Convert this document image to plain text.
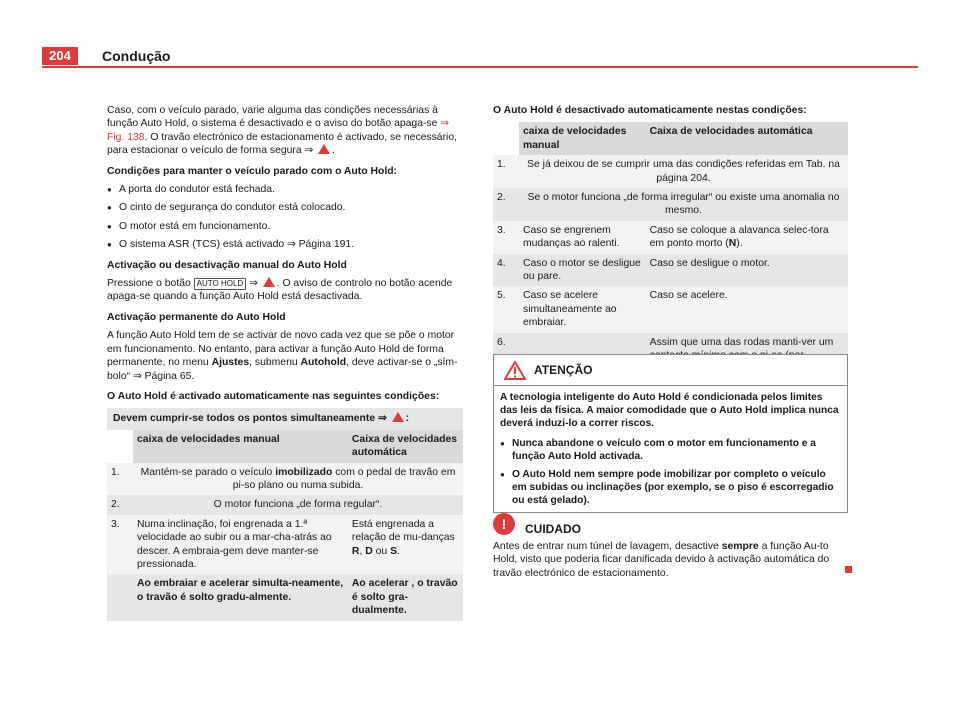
204	Condução

Caso, com o veículo parado, varie alguma das condições necessárias à função Auto Hold, o sistema é desactivado e o aviso do botão apaga-se ⇒ Fig. 138. O travão electrónico de estacionamento é activado, se necessário, para estacionar o veículo de forma segura ⇒ .

Condições para manter o veículo parado com o Auto Hold:

● A porta do condutor está fechada.
● O cinto de segurança do condutor está colocado.
● O motor está em funcionamento.
● O sistema ASR (TCS) está activado ⇒ Página 191.

Activação ou desactivação manual do Auto Hold

Pressione o botão AUTO HOLD ⇒ . O aviso de controlo no botão acende apaga-se quando a função Auto Hold está desactivada.

Activação permanente do Auto Hold

A função Auto Hold tem de se activar de novo cada vez que se põe o motor em funcionamento. No entanto, para activar a função Auto Hold de forma permanente, no menu Ajustes, submenu Autohold, deve activar-se o „sím-bolo“ ⇒ Página 65.

O Auto Hold é activado automaticamente nas seguintes condições:

Devem cumprir-se todos os pontos simultaneamente ⇒ :		
	caixa de velocidades manual	Caixa de velocidades automática
1.	Mantém-se parado o veículo imobilizado com o pedal de travão em pi-so plano ou numa subida.	
2.	O motor funciona „de forma regular“.	
3.	Numa inclinação, foi engrenada a 1.ª velocidade ao subir ou a mar-cha-atrás ao descer. A embraia-gem deve manter-se pressionada.	Está engrenada a relação de mu-danças R, D ou S.
	Ao embraiar e acelerar simulta-neamente, o travão é solto gradu-almente.	Ao acelerar , o travão é solto gra-dualmente.

O Auto Hold é desactivado automaticamente nestas condições:

	caixa de velocidades manual	Caixa de velocidades automática
1.	Se já deixou de se cumprir uma das condições referidas em Tab. na página 204.	
2.	Se o motor funciona „de forma irregular“ ou existe uma anomalia no mesmo.	
3.	Caso se engrenem mudanças ao ralenti.	Caso se coloque a alavanca selec-tora em ponto morto (N).
4.	Caso o motor se desligue ou pare.	Caso se desligue o motor.
5.	Caso se acelere simultaneamente ao embraiar.	Caso se acelere.
6.		Assim que uma das rodas manti-ver um
ATENÇÃO

A tecnologia inteligente do Auto Hold é condicionada pelos limites das leis da física. A maior comodidade que o Auto Hold implica nunca deverá induzi-lo a correr riscos.

● Nunca abandone o veículo com o motor em funcionamento e a função Auto Hold activada.
● O Auto Hold nem sempre pode imobilizar por completo o veículo em subidas ou inclinações (por exemplo, se o piso é escorregadio ou está gelado).
!	CUIDADO
Antes de entrar num túnel de lavagem, desactive sempre a função Au-to Hold, visto que poderia ficar danificada devido à activação automática do travão electrónico de estacionamento.
